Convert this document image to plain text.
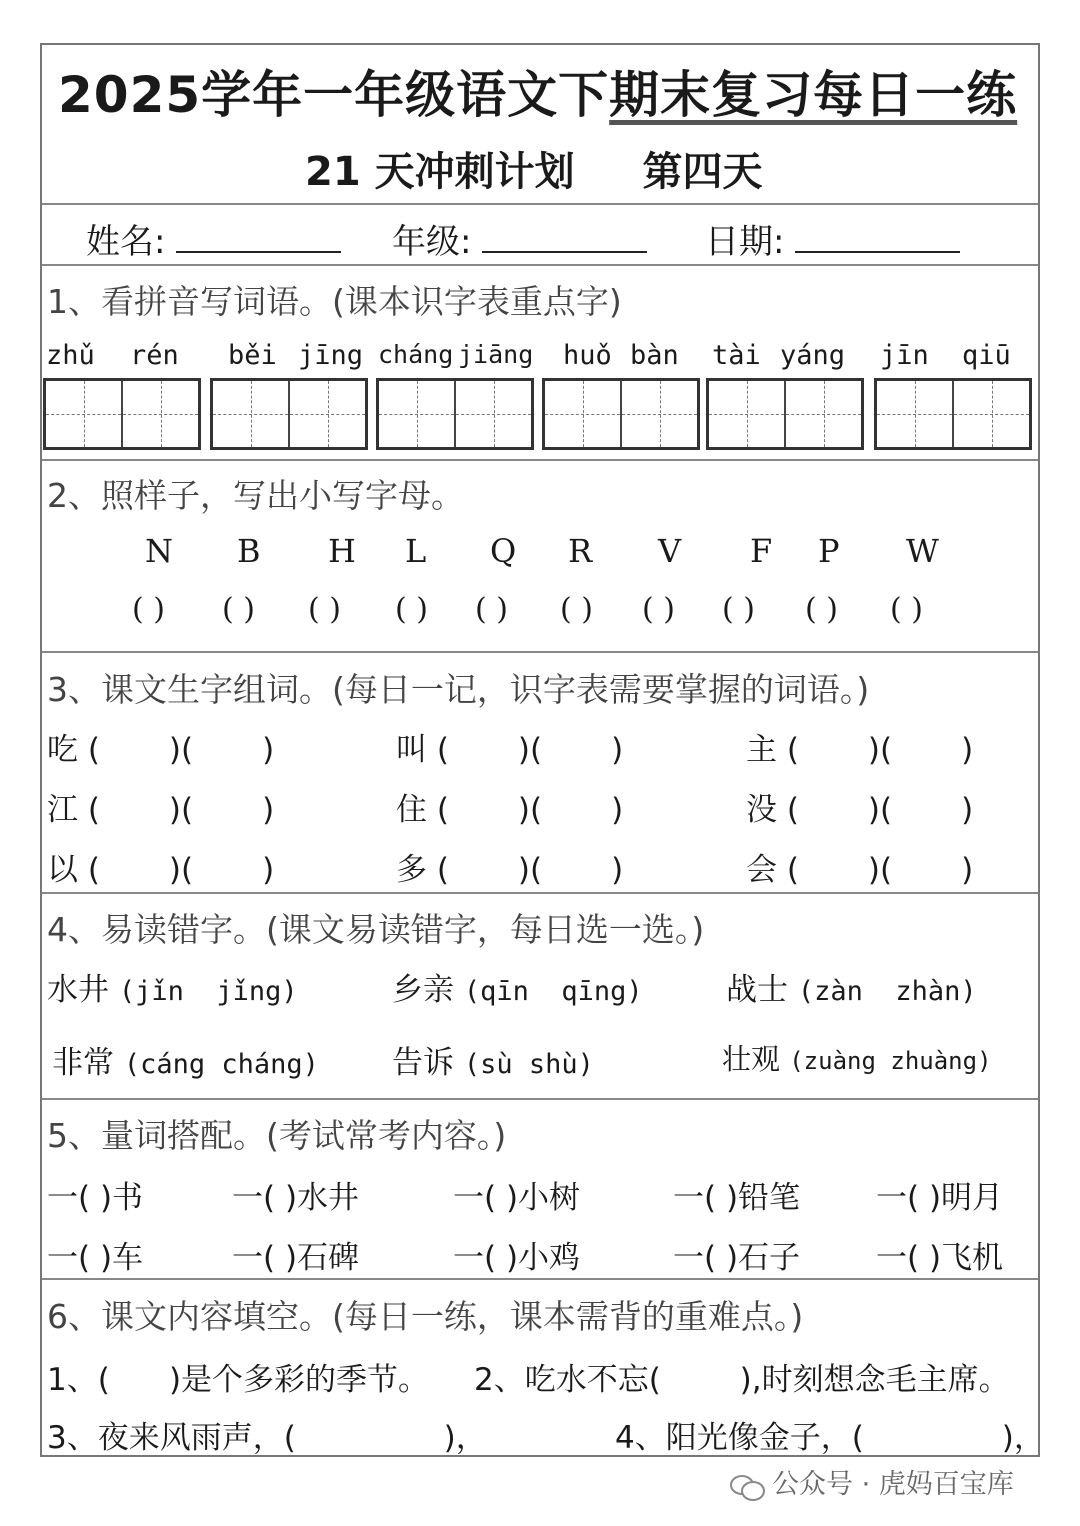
2025学年一年级语文下期末复习每日一练
21 天冲刺计划 第四天
姓名:	年级:	日期:
1、看拼音写词语。(课本识字表重点字)
zhǔ rén běi jīng cháng jiāng huǒ bàn tài yáng jīn qiū
2、照样子，写出小写字母。
N B H L Q R V F P W
( ) ( ) ( ) ( ) ( ) ( ) ( ) ( ) ( ) ( )
3、课文生字组词。(每日一记，识字表需要掌握的词语。)
吃 (       )(       )	叫 (       )(       )	主 (       )(       )
江 (       )(       )	住 (       )(       )	没 (       )(       )
以 (       )(       )	多 (       )(       )	会 (       )(       )
4、易读错字。(课文易读错字，每日选一选。)
水井 (jǐn  jǐng)	乡亲 (qīn  qīng)	战士 (zàn  zhàn)
非常 (cáng cháng) 告诉 (sù shù)	壮观 (zuàng zhuàng)
5、量词搭配。(考试常考内容。)
一( )书	一( )水井	一( )小树	一( )铅笔 一( )明月
一( )车	一( )石碑	一( )小鸡	一( )石子 一( )飞机
6、课文内容填空。(每日一练，课本需背的重难点。)
1、(      )是个多彩的季节。 2、吃水不忘(        ),时刻想念毛主席。
3、夜来风雨声，(               )，	4、阳光像金子，(              )，
公众号 · 虎妈百宝库
